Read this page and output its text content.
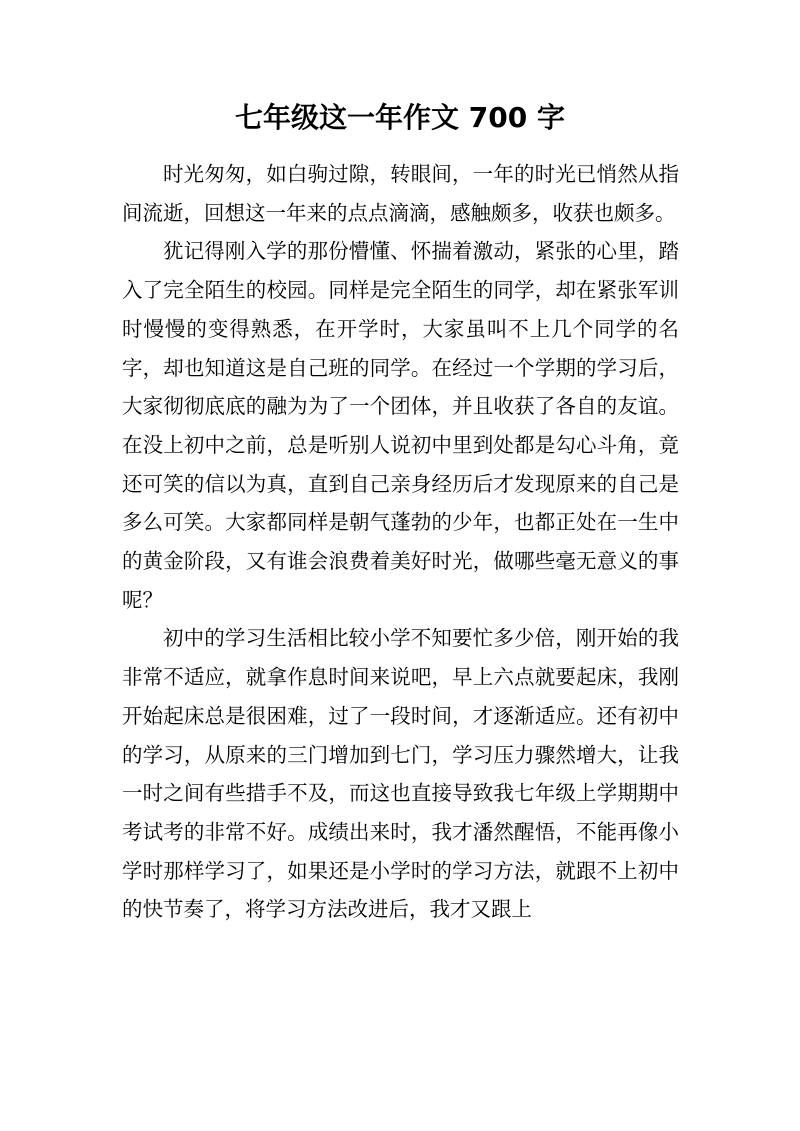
七年级这一年作文 700 字

时光匆匆，如白驹过隙，转眼间，一年的时光已悄然从指间流逝，回想这一年来的点点滴滴，感触颇多，收获也颇多。

犹记得刚入学的那份懵懂、怀揣着激动，紧张的心里，踏入了完全陌生的校园。同样是完全陌生的同学，却在紧张军训时慢慢的变得熟悉，在开学时，大家虽叫不上几个同学的名字，却也知道这是自己班的同学。在经过一个学期的学习后，大家彻彻底底的融为为了一个团体，并且收获了各自的友谊。在没上初中之前，总是听别人说初中里到处都是勾心斗角，竟还可笑的信以为真，直到自己亲身经历后才发现原来的自己是多么可笑。大家都同样是朝气蓬勃的少年，也都正处在一生中的黄金阶段，又有谁会浪费着美好时光，做哪些毫无意义的事呢？

初中的学习生活相比较小学不知要忙多少倍，刚开始的我非常不适应，就拿作息时间来说吧，早上六点就要起床，我刚开始起床总是很困难，过了一段时间，才逐渐适应。还有初中的学习，从原来的三门增加到七门，学习压力骤然增大，让我一时之间有些措手不及，而这也直接导致我七年级上学期期中考试考的非常不好。成绩出来时，我才潘然醒悟，不能再像小学时那样学习了，如果还是小学时的学习方法，就跟不上初中的快节奏了，将学习方法改进后，我才又跟上
